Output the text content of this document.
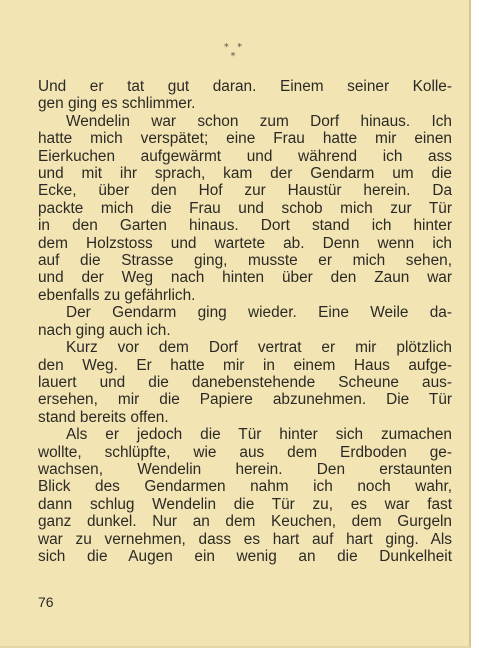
* *
*
Und er tat gut daran. Einem seiner Kolle-
gen ging es schlimmer.
Wendelin war schon zum Dorf hinaus. Ich
hatte mich verspätet; eine Frau hatte mir einen
Eierkuchen aufgewärmt und während ich ass
und mit ihr sprach, kam der Gendarm um die
Ecke, über den Hof zur Haustür herein. Da
packte mich die Frau und schob mich zur Tür
in den Garten hinaus. Dort stand ich hinter
dem Holzstoss und wartete ab. Denn wenn ich
auf die Strasse ging, musste er mich sehen,
und der Weg nach hinten über den Zaun war
ebenfalls zu gefährlich.
Der Gendarm ging wieder. Eine Weile da-
nach ging auch ich.
Kurz vor dem Dorf vertrat er mir plötzlich
den Weg. Er hatte mir in einem Haus aufge-
lauert und die danebenstehende Scheune aus-
ersehen, mir die Papiere abzunehmen. Die Tür
stand bereits offen.
Als er jedoch die Tür hinter sich zumachen
wollte, schlüpfte, wie aus dem Erdboden ge-
wachsen, Wendelin herein. Den erstaunten
Blick des Gendarmen nahm ich noch wahr,
dann schlug Wendelin die Tür zu, es war fast
ganz dunkel. Nur an dem Keuchen, dem Gurgeln
war zu vernehmen, dass es hart auf hart ging. Als
sich die Augen ein wenig an die Dunkelheit
76
